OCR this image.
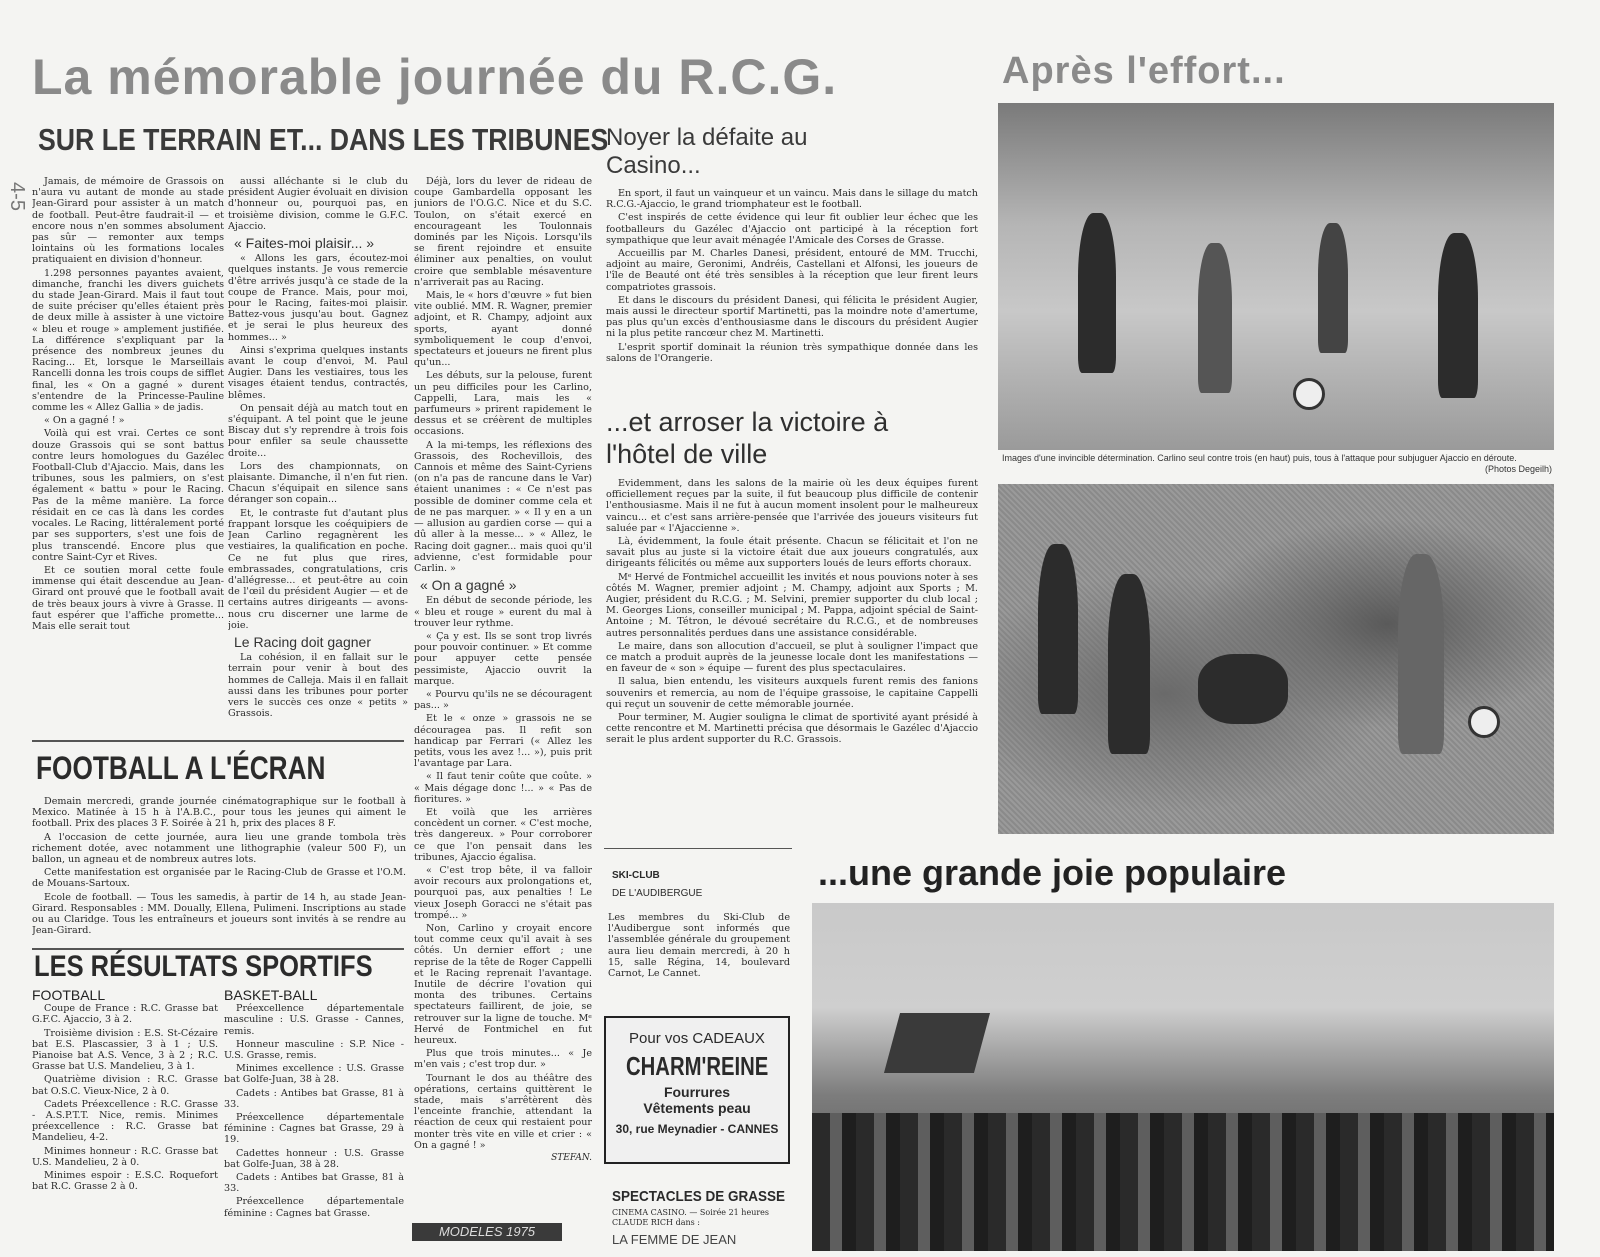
La mémorable journée du R.C.G.
4-5
SUR LE TERRAIN ET... DANS LES TRIBUNES

Jamais, de mémoire de Grassois on n'aura vu autant de monde au stade Jean-Girard pour assister à un match de football. Peut-être faudrait-il — et encore nous n'en sommes absolument pas sûr — remonter aux temps lointains où les formations locales pratiquaient en division d'honneur.

1.298 personnes payantes avaient, dimanche, franchi les divers guichets du stade Jean-Girard. Mais il faut tout de suite préciser qu'elles étaient près de deux mille à assister à une victoire « bleu et rouge » amplement justifiée. La différence s'expliquant par la présence des nombreux jeunes du Racing... Et, lorsque le Marseillais Rancelli donna les trois coups de sifflet final, les « On a gagné » durent s'entendre de la Princesse-Pauline comme les « Allez Gallia » de jadis.

« On a gagné ! »

Voilà qui est vrai. Certes ce sont douze Grassois qui se sont battus contre leurs homologues du Gazélec Football-Club d'Ajaccio. Mais, dans les tribunes, sous les palmiers, on s'est également « battu » pour le Racing. Pas de la même manière. La force résidait en ce cas là dans les cordes vocales. Le Racing, littéralement porté par ses supporters, s'est une fois de plus transcendé. Encore plus que contre Saint-Cyr et Rives.

Et ce soutien moral cette foule immense qui était descendue au Jean-Girard ont prouvé que le football avait de très beaux jours à vivre à Grasse. Il faut espérer que l'affiche promette... Mais elle serait tout

aussi alléchante si le club du président Augier évoluait en division d'honneur ou, pourquoi pas, en troisième division, comme le G.F.C. Ajaccio.

« Faites-moi plaisir... »

« Allons les gars, écoutez-moi quelques instants. Je vous remercie d'être arrivés jusqu'à ce stade de la coupe de France. Mais, pour moi, pour le Racing, faites-moi plaisir. Battez-vous jusqu'au bout. Gagnez et je serai le plus heureux des hommes... »

Ainsi s'exprima quelques instants avant le coup d'envoi, M. Paul Augier. Dans les vestiaires, tous les visages étaient tendus, contractés, blêmes.

On pensait déjà au match tout en s'équipant. A tel point que le jeune Biscay dut s'y reprendre à trois fois pour enfiler sa seule chaussette droite...

Lors des championnats, on plaisante. Dimanche, il n'en fut rien. Chacun s'équipait en silence sans déranger son copain...

Et, le contraste fut d'autant plus frappant lorsque les coéquipiers de Jean Carlino regagnèrent les vestiaires, la qualification en poche. Ce ne fut plus que rires, embrassades, congratulations, cris d'allégresse... et peut-être au coin de l'œil du président Augier — et de certains autres dirigeants — avons-nous cru discerner une larme de joie.

Le Racing doit gagner

La cohésion, il en fallait sur le terrain pour venir à bout des hommes de Calleja. Mais il en fallait aussi dans les tribunes pour porter vers le succès ces onze « petits » Grassois.

Déjà, lors du lever de rideau de coupe Gambardella opposant les juniors de l'O.G.C. Nice et du S.C. Toulon, on s'était exercé en encourageant les Toulonnais dominés par les Niçois. Lorsqu'ils se firent rejoindre et ensuite éliminer aux penalties, on voulut croire que semblable mésaventure n'arriverait pas au Racing.

Mais, le « hors d'œuvre » fut bien vite oublié. MM. R. Wagner, premier adjoint, et R. Champy, adjoint aux sports, ayant donné symboliquement le coup d'envoi, spectateurs et joueurs ne firent plus qu'un...

Les débuts, sur la pelouse, furent un peu difficiles pour les Carlino, Cappelli, Lara, mais les « parfumeurs » prirent rapidement le dessus et se créèrent de multiples occasions.

A la mi-temps, les réflexions des Grassois, des Rochevillois, des Cannois et même des Saint-Cyriens (on n'a pas de rancune dans le Var) étaient unanimes : « Ce n'est pas possible de dominer comme cela et de ne pas marquer. » « Il y en a un — allusion au gardien corse — qui a dû aller à la messe... » « Allez, le Racing doit gagner... mais quoi qu'il advienne, c'est formidable pour Carlin. »

« On a gagné »

En début de seconde période, les « bleu et rouge » eurent du mal à trouver leur rythme.

« Ça y est. Ils se sont trop livrés pour pouvoir continuer. » Et comme pour appuyer cette pensée pessimiste, Ajaccio ouvrit la marque.

« Pourvu qu'ils ne se découragent pas... »

Et le « onze » grassois ne se découragea pas. Il refit son handicap par Ferrari (« Allez les petits, vous les avez !... »), puis prit l'avantage par Lara.

« Il faut tenir coûte que coûte. » « Mais dégage donc !... » « Pas de fioritures. »

Et voilà que les arrières concèdent un corner. « C'est moche, très dangereux. » Pour corroborer ce que l'on pensait dans les tribunes, Ajaccio égalisa.

« C'est trop bête, il va falloir avoir recours aux prolongations et, pourquoi pas, aux penalties ! Le vieux Joseph Goracci ne s'était pas trompé... »

Non, Carlino y croyait encore tout comme ceux qu'il avait à ses côtés. Un dernier effort ; une reprise de la tête de Roger Cappelli et le Racing reprenait l'avantage. Inutile de décrire l'ovation qui monta des tribunes. Certains spectateurs faillirent, de joie, se retrouver sur la ligne de touche. Mᵉ Hervé de Fontmichel en fut heureux.

Plus que trois minutes... « Je m'en vais ; c'est trop dur. »

Tournant le dos au théâtre des opérations, certains quittèrent le stade, mais s'arrêtèrent dès l'enceinte franchie, attendant la réaction de ceux qui restaient pour monter très vite en ville et crier : « On a gagné ! »

STEFAN.
FOOTBALL A L'ÉCRAN

Demain mercredi, grande journée cinématographique sur le football à Mexico. Matinée à 15 h à l'A.B.C., pour tous les jeunes qui aiment le football. Prix des places 3 F. Soirée à 21 h, prix des places 8 F.

A l'occasion de cette journée, aura lieu une grande tombola très richement dotée, avec notamment une lithographie (valeur 500 F), un ballon, un agneau et de nombreux autres lots.

Cette manifestation est organisée par le Racing-Club de Grasse et l'O.M. de Mouans-Sartoux.

Ecole de football. — Tous les samedis, à partir de 14 h, au stade Jean-Girard. Responsables : MM. Doually, Ellena, Pulimeni. Inscriptions au stade ou au Claridge. Tous les entraîneurs et joueurs sont invités à se rendre au Jean-Girard.

LES RÉSULTATS SPORTIFS
FOOTBALL

Coupe de France : R.C. Grasse bat G.F.C. Ajaccio, 3 à 2.

Troisième division : E.S. St-Cézaire bat E.S. Plascassier, 3 à 1 ; U.S. Pianoise bat A.S. Vence, 3 à 2 ; R.C. Grasse bat U.S. Mandelieu, 3 à 1.

Quatrième division : R.C. Grasse bat O.S.C. Vieux-Nice, 2 à 0.

Cadets Préexcellence : R.C. Grasse - A.S.P.T.T. Nice, remis. Minimes préexcellence : R.C. Grasse bat Mandelieu, 4-2.

Minimes honneur : R.C. Grasse bat U.S. Mandelieu, 2 à 0.

Minimes espoir : E.S.C. Roquefort bat R.C. Grasse 2 à 0.

BASKET-BALL

Préexcellence départementale masculine : U.S. Grasse - Cannes, remis.

Honneur masculine : S.P. Nice - U.S. Grasse, remis.

Minimes excellence : U.S. Grasse bat Golfe-Juan, 38 à 28.

Cadets : Antibes bat Grasse, 81 à 33.

Préexcellence départementale féminine : Cagnes bat Grasse, 29 à 19.

Cadettes honneur : U.S. Grasse bat Golfe-Juan, 38 à 28.

Cadets : Antibes bat Grasse, 81 à 33.

Préexcellence départementale féminine : Cagnes bat Grasse.

Noyer la défaite au Casino...

En sport, il faut un vainqueur et un vaincu. Mais dans le sillage du match R.C.G.-Ajaccio, le grand triomphateur est le football.

C'est inspirés de cette évidence qui leur fit oublier leur échec que les footballeurs du Gazélec d'Ajaccio ont participé à la réception fort sympathique que leur avait ménagée l'Amicale des Corses de Grasse.

Accueillis par M. Charles Danesi, président, entouré de MM. Trucchi, adjoint au maire, Geronimi, Andréis, Castellani et Alfonsi, les joueurs de l'île de Beauté ont été très sensibles à la réception que leur firent leurs compatriotes grassois.

Et dans le discours du président Danesi, qui félicita le président Augier, mais aussi le directeur sportif Martinetti, pas la moindre note d'amertume, pas plus qu'un excès d'enthousiasme dans le discours du président Augier ni la plus petite rancœur chez M. Martinetti.

L'esprit sportif dominait la réunion très sympathique donnée dans les salons de l'Orangerie.

...et arroser la victoire à l'hôtel de ville

Evidemment, dans les salons de la mairie où les deux équipes furent officiellement reçues par la suite, il fut beaucoup plus difficile de contenir l'enthousiasme. Mais il ne fut à aucun moment insolent pour le malheureux vaincu... et c'est sans arrière-pensée que l'arrivée des joueurs visiteurs fut saluée par « l'Ajaccienne ».

Là, évidemment, la foule était présente. Chacun se félicitait et l'on ne savait plus au juste si la victoire était due aux joueurs congratulés, aux dirigeants félicités ou même aux supporters loués de leurs efforts choraux.

Mᵉ Hervé de Fontmichel accueillit les invités et nous pouvions noter à ses côtés M. Wagner, premier adjoint ; M. Champy, adjoint aux Sports ; M. Augier, président du R.C.G. ; M. Selvini, premier supporter du club local ; M. Georges Lions, conseiller municipal ; M. Pappa, adjoint spécial de Saint-Antoine ; M. Tétron, le dévoué secrétaire du R.C.G., et de nombreuses autres personnalités perdues dans une assistance considérable.

Le maire, dans son allocution d'accueil, se plut à souligner l'impact que ce match a produit auprès de la jeunesse locale dont les manifestations — en faveur de « son » équipe — furent des plus spectaculaires.

Il salua, bien entendu, les visiteurs auxquels furent remis des fanions souvenirs et remercia, au nom de l'équipe grassoise, le capitaine Cappelli qui reçut un souvenir de cette mémorable journée.

Pour terminer, M. Augier souligna le climat de sportivité ayant présidé à cette rencontre et M. Martinetti précisa que désormais le Gazélec d'Ajaccio serait le plus ardent supporter du R.C. Grassois.

Après l'effort...
Images d'une invincible détermination. Carlino seul contre trois (en haut) puis, tous à l'attaque pour subjuguer Ajaccio en déroute.
(Photos Degeilh)
...une grande joie populaire
SKI-CLUB
DE L'AUDIBERGUE
Les membres du Ski-Club de l'Audibergue sont informés que l'assemblée générale du groupement aura lieu demain mercredi, à 20 h 15, salle Régina, 14, boulevard Carnot, Le Cannet.
Pour vos CADEAUX
CHARM'REINE
Fourrures
Vêtements peau
30, rue Meynadier - CANNES
SPECTACLES DE GRASSE
CINEMA CASINO. — Soirée 21 heures CLAUDE RICH dans :
LA FEMME DE JEAN
MODELES 1975
